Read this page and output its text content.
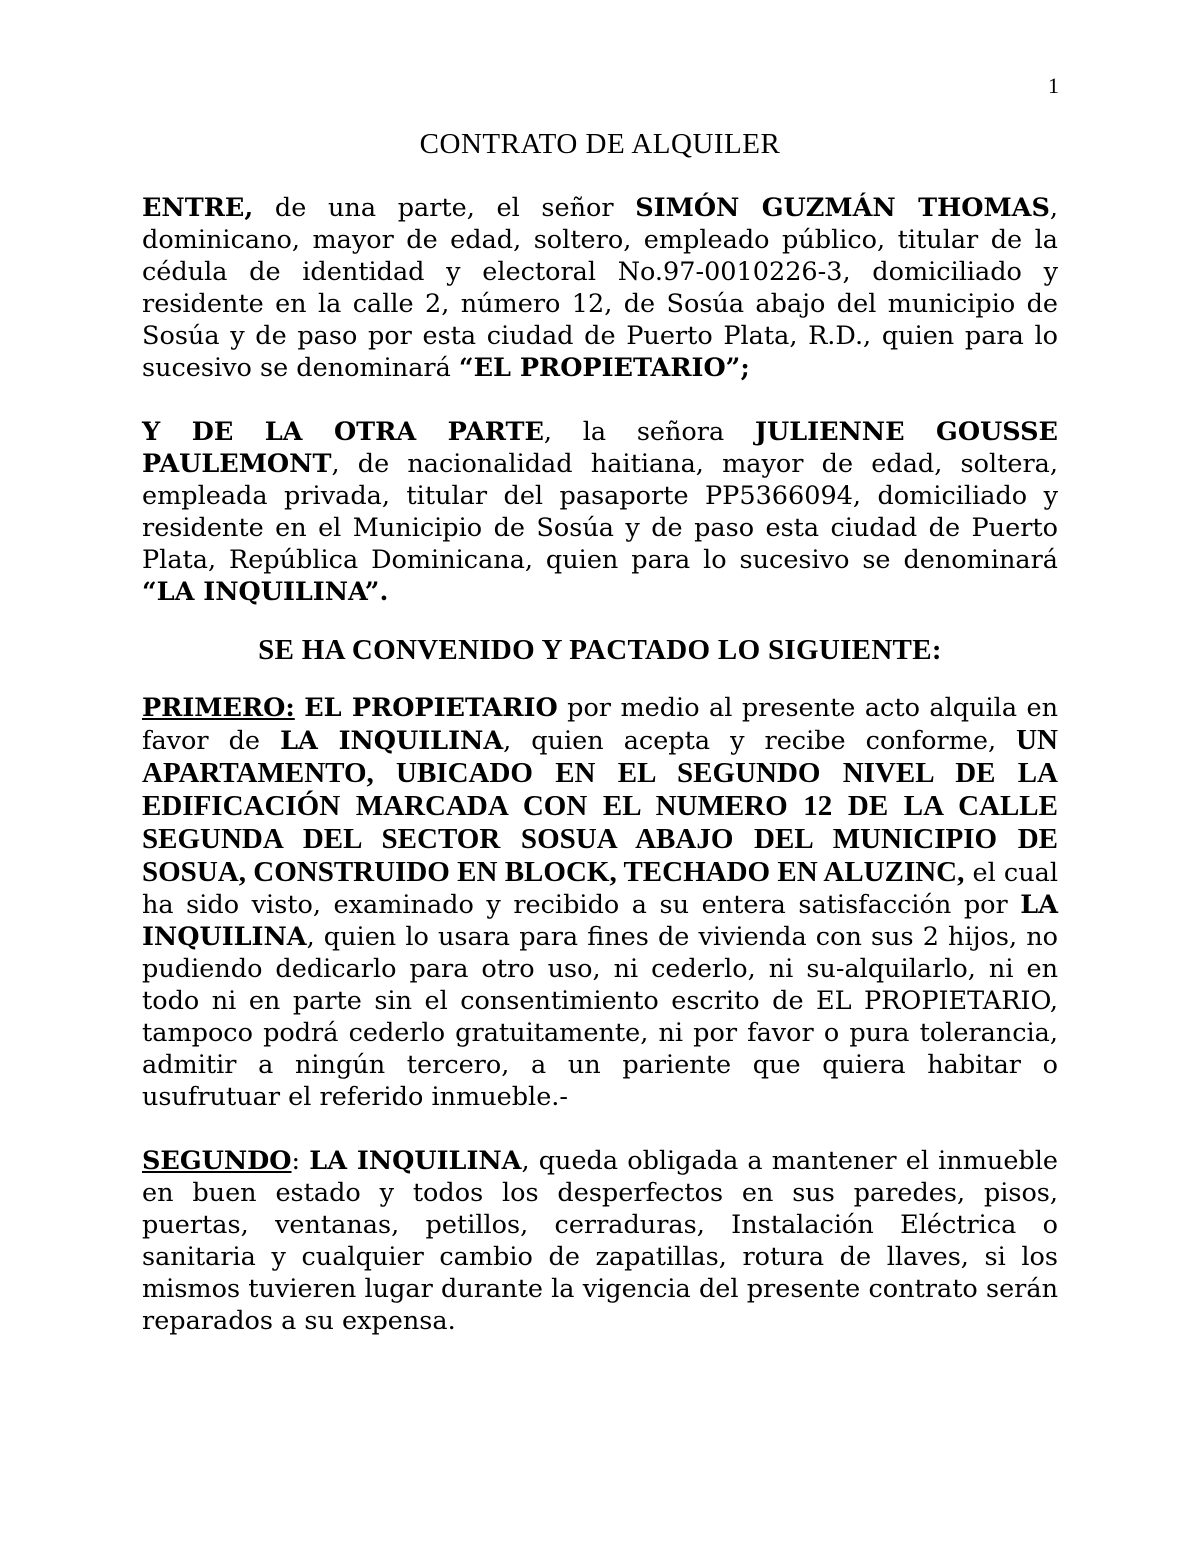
1
CONTRATO DE ALQUILER

ENTRE, de una parte, el señor SIMÓN GUZMÁN THOMAS, dominicano, mayor de edad, soltero, empleado público, titular de la cédula de identidad y electoral No.97-0010226-3, domiciliado y residente en la calle 2, número 12, de Sosúa abajo del municipio de Sosúa y de paso por esta ciudad de Puerto Plata, R.D., quien para lo sucesivo se denominará “EL PROPIETARIO”;

Y DE LA OTRA PARTE, la señora JULIENNE GOUSSE PAULEMONT, de nacionalidad haitiana, mayor de edad, soltera, empleada privada, titular del pasaporte PP5366094, domiciliado y residente en el Municipio de Sosúa y de paso esta ciudad de Puerto Plata, República Dominicana, quien para lo sucesivo se denominará “LA INQUILINA”.

SE HA CONVENIDO Y PACTADO LO SIGUIENTE:

PRIMERO: EL PROPIETARIO por medio al presente acto alquila en favor de LA INQUILINA, quien acepta y recibe conforme, UN APARTAMENTO, UBICADO EN EL SEGUNDO NIVEL DE LA EDIFICACIÓN MARCADA CON EL NUMERO 12 DE LA CALLE SEGUNDA DEL SECTOR SOSUA ABAJO DEL MUNICIPIO DE SOSUA, CONSTRUIDO EN BLOCK, TECHADO EN ALUZINC, el cual ha sido visto, examinado y recibido a su entera satisfacción por LA INQUILINA, quien lo usara para fines de vivienda con sus 2 hijos, no pudiendo dedicarlo para otro uso, ni cederlo, ni su-alquilarlo, ni en todo ni en parte sin el consentimiento escrito de EL PROPIETARIO, tampoco podrá cederlo gratuitamente, ni por favor o pura tolerancia, admitir a ningún tercero, a un pariente que quiera habitar o usufrutuar el referido inmueble.-

SEGUNDO: LA INQUILINA, queda obligada a mantener el inmueble en buen estado y todos los desperfectos en sus paredes, pisos, puertas, ventanas, petillos, cerraduras, Instalación Eléctrica o sanitaria y cualquier cambio de zapatillas, rotura de llaves, si los mismos tuvieren lugar durante la vigencia del presente contrato serán reparados a su expensa.
